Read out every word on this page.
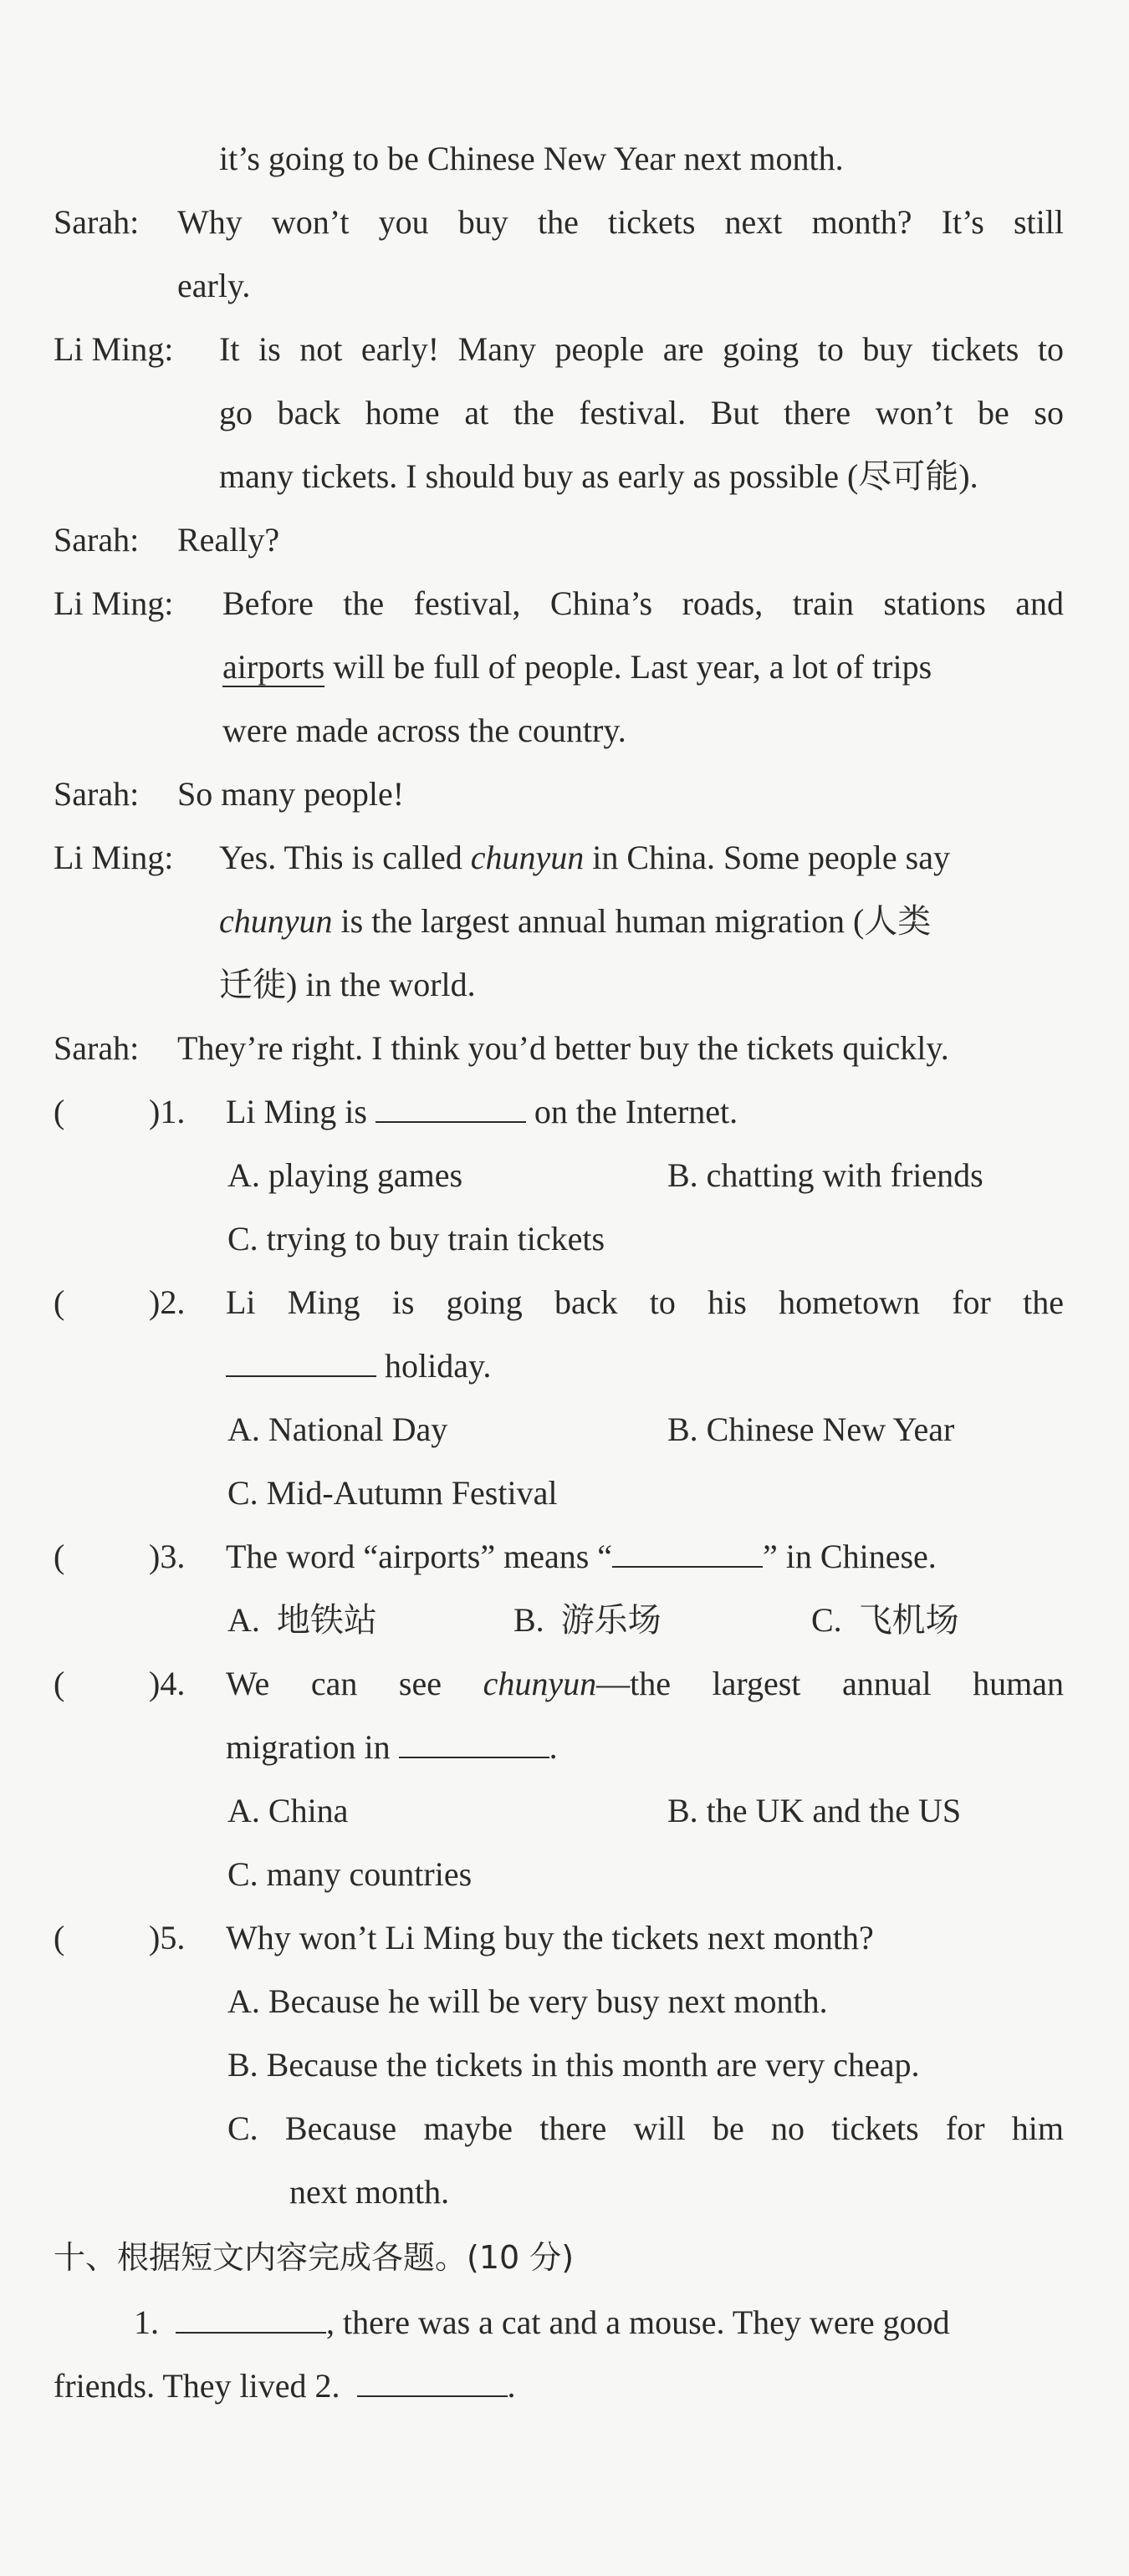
it’s going to be Chinese New Year next month.
Sarah: Why won’t you buy the tickets next month? It’s still
early.
Li Ming: It is not early! Many people are going to buy tickets to
go back home at the festival. But there won’t be so
many tickets. I should buy as early as possible (尽可能).
Sarah: Really?
Li Ming: Before the festival, China’s roads, train stations and
airports will be full of people. Last year, a lot of trips
were made across the country.
Sarah: So many people!
Li Ming: Yes. This is called chunyun in China. Some people say
chunyun is the largest annual human migration (人类
迁徙) in the world.
Sarah: They’re right. I think you’d better buy the tickets quickly.
(	)1. Li Ming is	on the Internet.
A. playing games	B. chatting with friends
C. trying to buy train tickets
(	)2. Li Ming is going back to his hometown for the
holiday.
A. National Day	B. Chinese New Year
C. Mid-Autumn Festival
(	)3. The word “airports” means “	” in Chinese.
A. 地铁站	B. 游乐场	C. 飞机场
(	)4. We can see chunyun—the largest annual human
migration in	.
A. China	B. the UK and the US
C. many countries
(	)5. Why won’t Li Ming buy the tickets next month?
A. Because he will be very busy next month.
B. Because the tickets in this month are very cheap.
C. Because maybe there will be no tickets for him
next month.
十、根据短文内容完成各题。(10 分)
1.	, there was a cat and a mouse. They were good
friends. They lived 2.	.
